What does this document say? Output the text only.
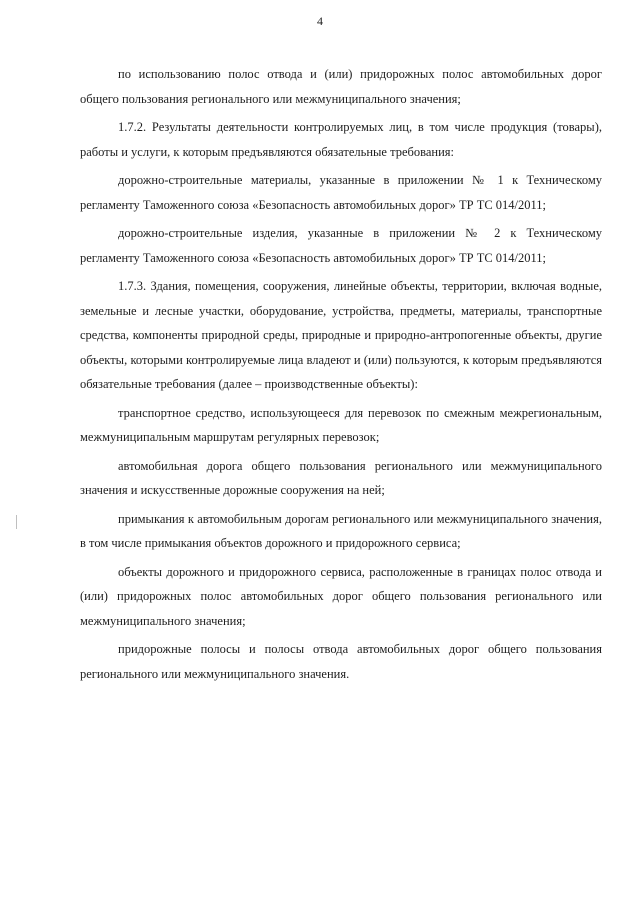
4

по использованию полос отвода и (или) придорожных полос автомобильных дорог общего пользования регионального или межмуниципального значения;

1.7.2. Результаты деятельности контролируемых лиц, в том числе продукция (товары), работы и услуги, к которым предъявляются обязательные требования:

дорожно-строительные материалы, указанные в приложении № 1 к Техническому регламенту Таможенного союза «Безопасность автомобильных дорог» ТР ТС 014/2011;

дорожно-строительные изделия, указанные в приложении № 2 к Техническому регламенту Таможенного союза «Безопасность автомобильных дорог» ТР ТС 014/2011;

1.7.3. Здания, помещения, сооружения, линейные объекты, территории, включая водные, земельные и лесные участки, оборудование, устройства, предметы, материалы, транспортные средства, компоненты природной среды, природные и природно-антропогенные объекты, другие объекты, которыми контролируемые лица владеют и (или) пользуются, к которым предъявляются обязательные требования (далее – производственные объекты):

транспортное средство, использующееся для перевозок по смежным межрегиональным, межмуниципальным маршрутам регулярных перевозок;

автомобильная дорога общего пользования регионального или межмуниципального значения и искусственные дорожные сооружения на ней;

примыкания к автомобильным дорогам регионального или межмуниципального значения, в том числе примыкания объектов дорожного и придорожного сервиса;

объекты дорожного и придорожного сервиса, расположенные в границах полос отвода и (или) придорожных полос автомобильных дорог общего пользования регионального или межмуниципального значения;

придорожные полосы и полосы отвода автомобильных дорог общего пользования регионального или межмуниципального значения.
